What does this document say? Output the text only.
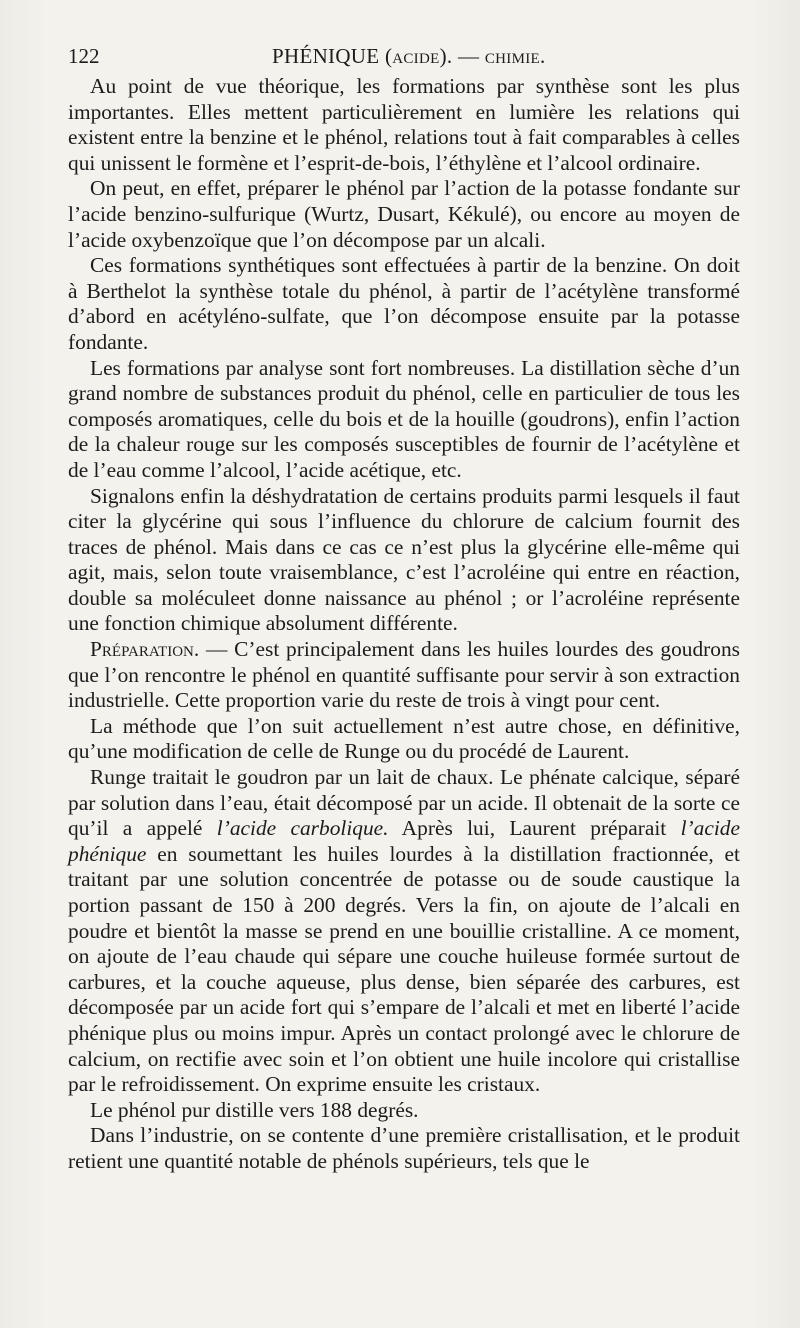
122	PHÉNIQUE (acide). — chimie.

Au point de vue théorique, les formations par synthèse sont les plus importantes. Elles mettent particulièrement en lumière les relations qui existent entre la benzine et le phénol, relations tout à fait comparables à celles qui unissent le formène et l’esprit-de-bois, l’éthylène et l’alcool ordinaire.

On peut, en effet, préparer le phénol par l’action de la potasse fondante sur l’acide benzino-sulfurique (Wurtz, Dusart, Kékulé), ou encore au moyen de l’acide oxybenzoïque que l’on décompose par un alcali.

Ces formations synthétiques sont effectuées à partir de la benzine. On doit à Berthelot la synthèse totale du phénol, à partir de l’acétylène transformé d’abord en acétyléno-sulfate, que l’on décompose ensuite par la potasse fondante.

Les formations par analyse sont fort nombreuses. La distillation sèche d’un grand nombre de substances produit du phénol, celle en particulier de tous les composés aromatiques, celle du bois et de la houille (goudrons), enfin l’action de la chaleur rouge sur les composés susceptibles de fournir de l’acétylène et de l’eau comme l’alcool, l’acide acétique, etc.

Signalons enfin la déshydratation de certains produits parmi lesquels il faut citer la glycérine qui sous l’influence du chlorure de calcium fournit des traces de phénol. Mais dans ce cas ce n’est plus la glycérine elle-même qui agit, mais, selon toute vraisemblance, c’est l’acroléine qui entre en réaction, double sa moléculeet donne naissance au phénol ; or l’acroléine représente une fonction chimique absolument différente.

Préparation. — C’est principalement dans les huiles lourdes des goudrons que l’on rencontre le phénol en quantité suffisante pour servir à son extraction industrielle. Cette proportion varie du reste de trois à vingt pour cent.

La méthode que l’on suit actuellement n’est autre chose, en définitive, qu’une modification de celle de Runge ou du procédé de Laurent.

Runge traitait le goudron par un lait de chaux. Le phénate calcique, séparé par solution dans l’eau, était décomposé par un acide. Il obtenait de la sorte ce qu’il a appelé l’acide carbolique. Après lui, Laurent préparait l’acide phénique en soumettant les huiles lourdes à la distillation fractionnée, et traitant par une solution concentrée de potasse ou de soude caustique la portion passant de 150 à 200 degrés. Vers la fin, on ajoute de l’alcali en poudre et bientôt la masse se prend en une bouillie cristalline. A ce moment, on ajoute de l’eau chaude qui sépare une couche huileuse formée surtout de carbures, et la couche aqueuse, plus dense, bien séparée des carbures, est décomposée par un acide fort qui s’empare de l’alcali et met en liberté l’acide phénique plus ou moins impur. Après un contact prolongé avec le chlorure de calcium, on rectifie avec soin et l’on obtient une huile incolore qui cristallise par le refroidissement. On exprime ensuite les cristaux.

Le phénol pur distille vers 188 degrés.

Dans l’industrie, on se contente d’une première cristallisation, et le produit retient une quantité notable de phénols supérieurs, tels que le
